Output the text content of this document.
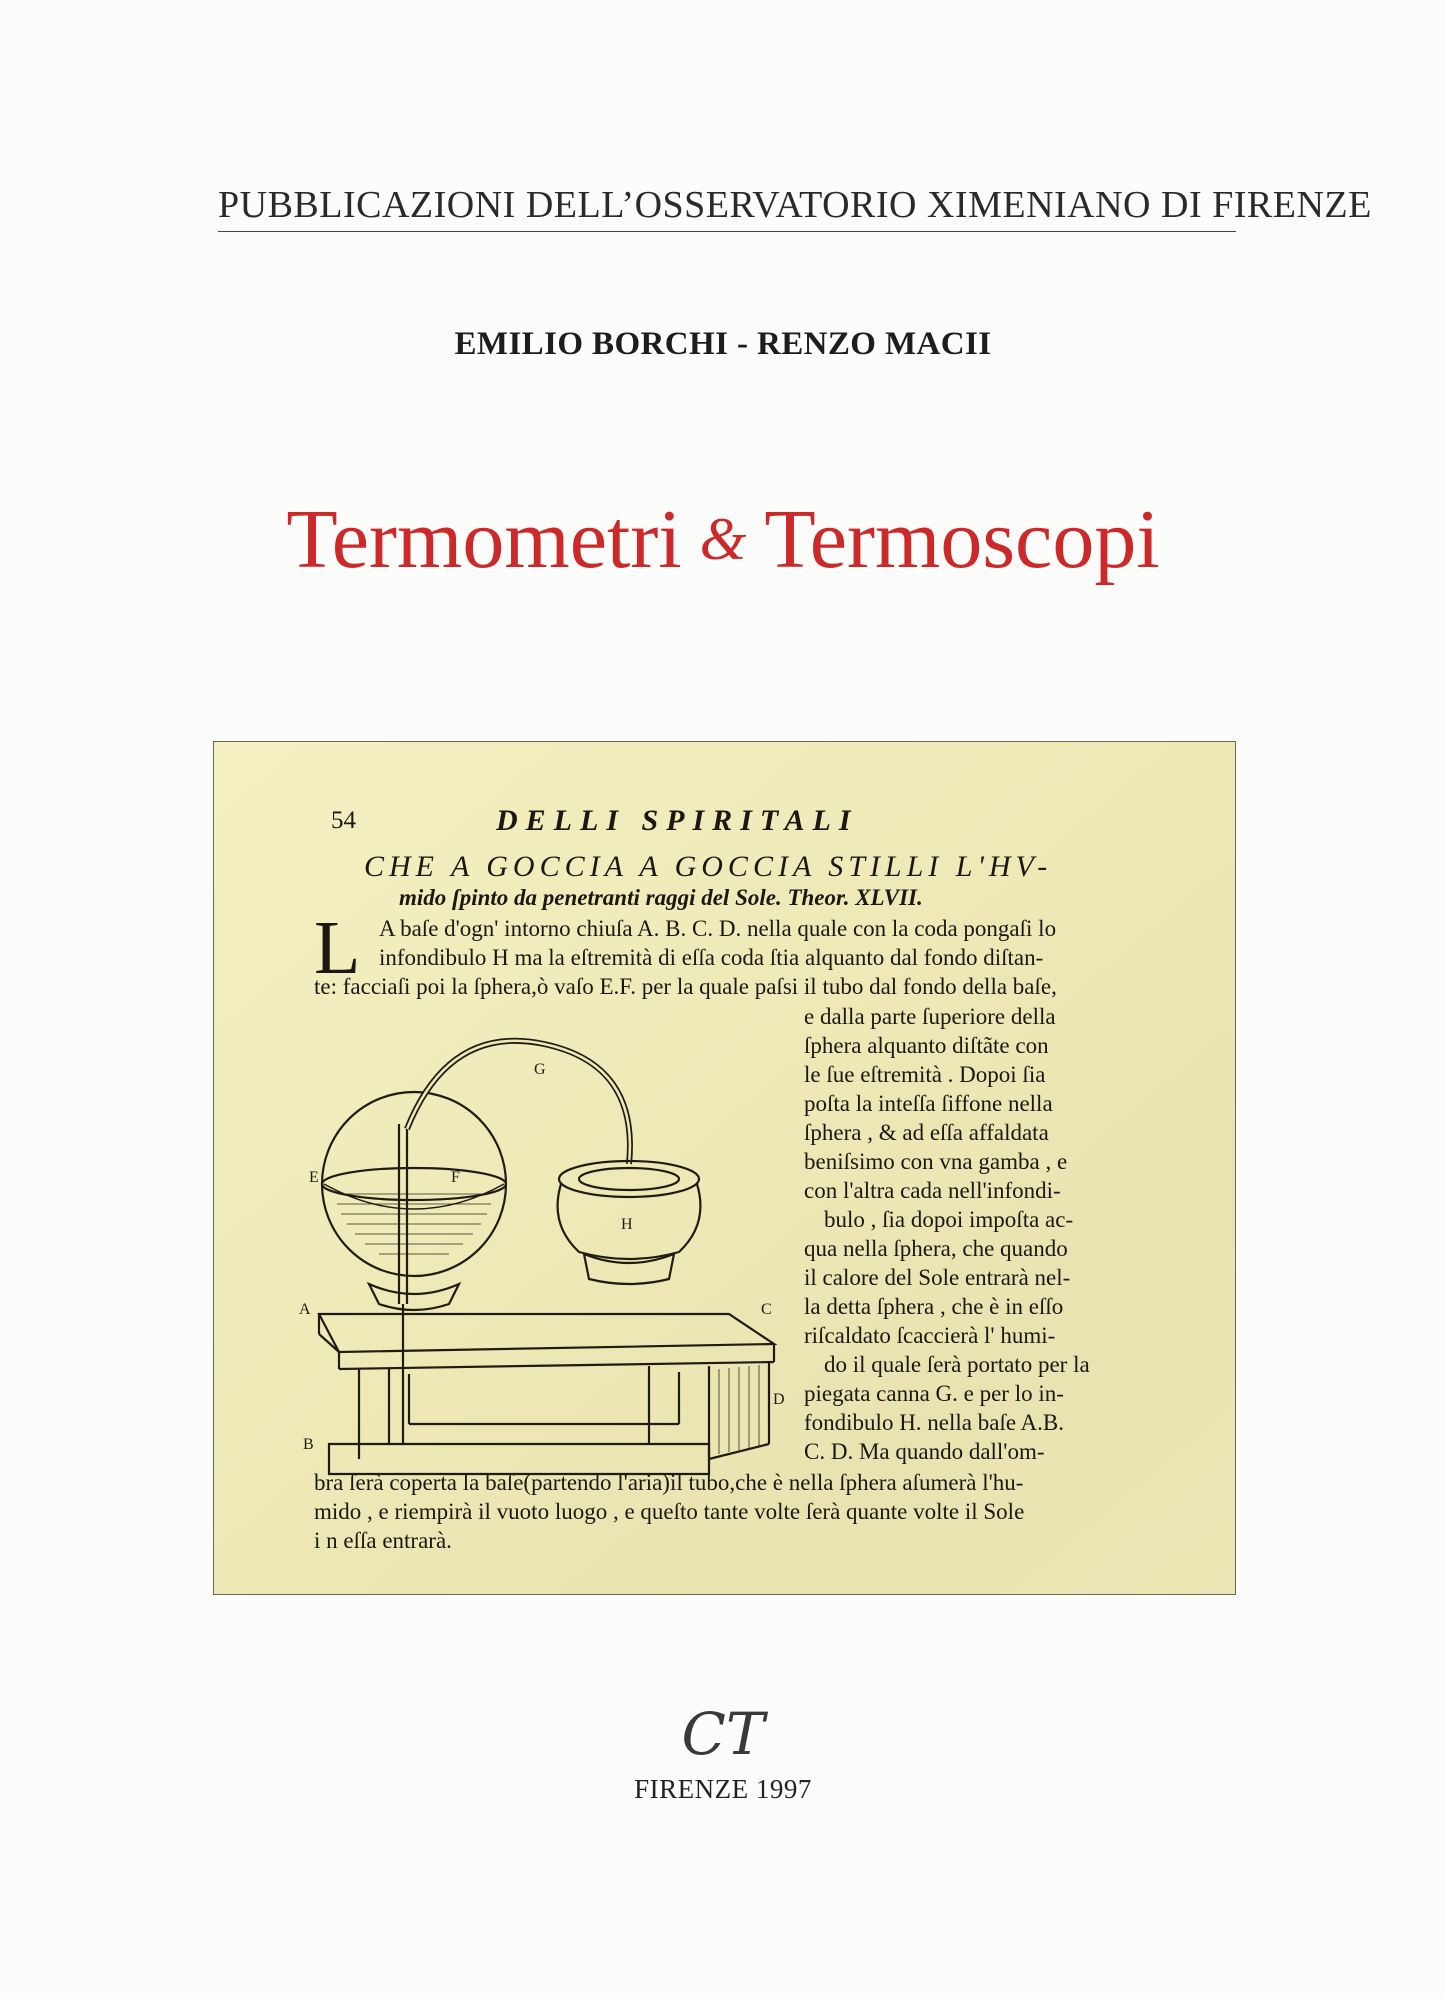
PUBBLICAZIONI DELL’OSSERVATORIO XIMENIANO DI FIRENZE
EMILIO BORCHI - RENZO MACII
Termometri & Termoscopi
54	DELLI SPIRITALI
CHE A GOCCIA A GOCCIA STILLI L'HV-
mido ſpinto da penetranti raggi del Sole. Theor. XLVII.
L A baſe d'ogn' intorno chiuſa A. B. C. D. nella quale con la coda pongaſi lo
infondibulo H ma la eſtremità di eſſa coda ſtia alquanto dal fondo diſtan-
te: facciaſi poi la ſphera,ò vaſo E.F. per la quale paſsi il tubo dal fondo della baſe,
e dalla parte ſuperiore della
ſphera alquanto diſtãte con
le ſue eſtremità . Dopoi ſia
poſta la inteſſa ſiffone nella
ſphera , & ad eſſa affaldata
beniſsimo con vna gamba , e
con l'altra cada nell'infondi-
bulo , ſia dopoi impoſta ac-
qua nella ſphera, che quando
il calore del Sole entrarà nel-
la detta ſphera , che è in eſſo
riſcaldato ſcaccierà l' humi-
do il quale ſerà portato per la
piegata canna G. e per lo in-
fondibulo H. nella baſe A.B.
C. D. Ma quando dall'om-
bra ſerà coperta la baſe(partendo l'aria)il tubo,che è nella ſphera aſumerà l'hu-
mido , e riempirà il vuoto luogo , e queſto tante volte ſerà quante volte il Sole
i n eſſa entrarà.
G
E	F
H
A
B
C
D
CT
FIRENZE 1997
